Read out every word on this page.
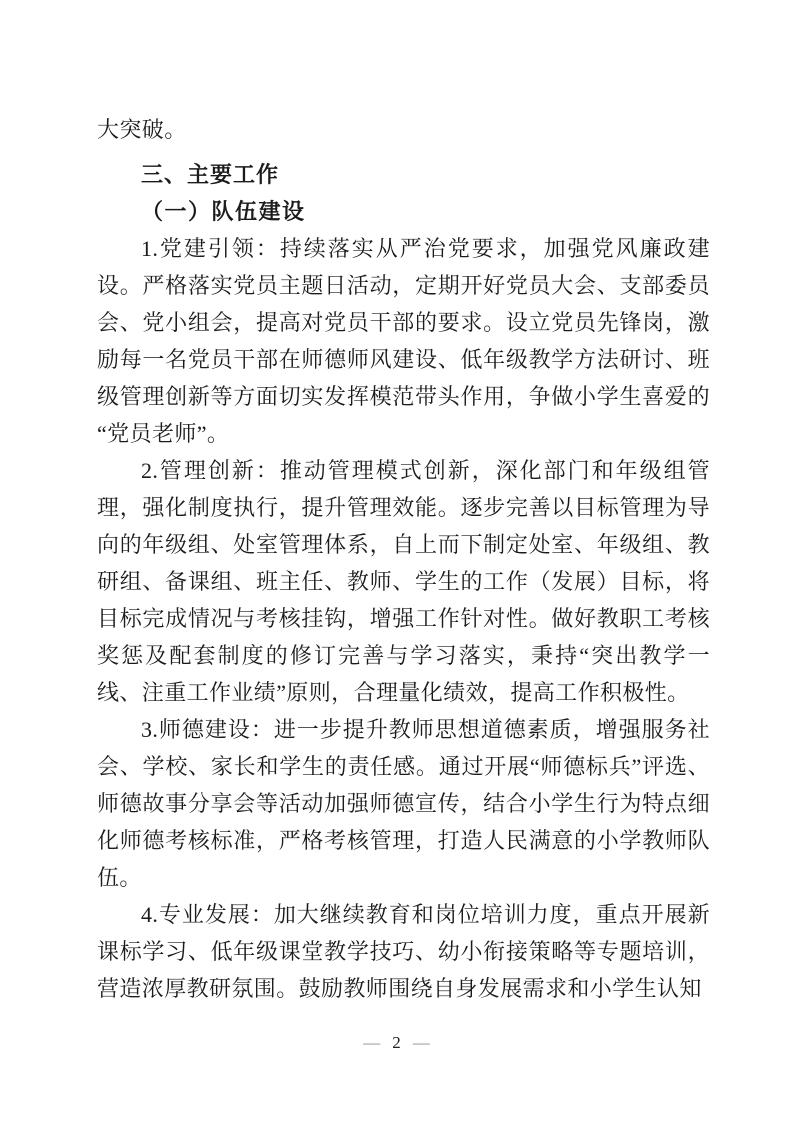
大突破。

三、主要工作
（一）队伍建设

1.党建引领：持续落实从严治党要求，加强党风廉政建设。严格落实党员主题日活动，定期开好党员大会、支部委员会、党小组会，提高对党员干部的要求。设立党员先锋岗，激励每一名党员干部在师德师风建设、低年级教学方法研讨、班级管理创新等方面切实发挥模范带头作用，争做小学生喜爱的“党员老师”。

2.管理创新：推动管理模式创新，深化部门和年级组管理，强化制度执行，提升管理效能。逐步完善以目标管理为导向的年级组、处室管理体系，自上而下制定处室、年级组、教研组、备课组、班主任、教师、学生的工作（发展）目标，将目标完成情况与考核挂钩，增强工作针对性。做好教职工考核奖惩及配套制度的修订完善与学习落实，秉持“突出教学一线、注重工作业绩”原则，合理量化绩效，提高工作积极性。

3.师德建设：进一步提升教师思想道德素质，增强服务社会、学校、家长和学生的责任感。通过开展“师德标兵”评选、师德故事分享会等活动加强师德宣传，结合小学生行为特点细化师德考核标准，严格考核管理，打造人民满意的小学教师队伍。

4.专业发展：加大继续教育和岗位培训力度，重点开展新课标学习、低年级课堂教学技巧、幼小衔接策略等专题培训，营造浓厚教研氛围。鼓励教师围绕自身发展需求和小学生认知

— 2 —
